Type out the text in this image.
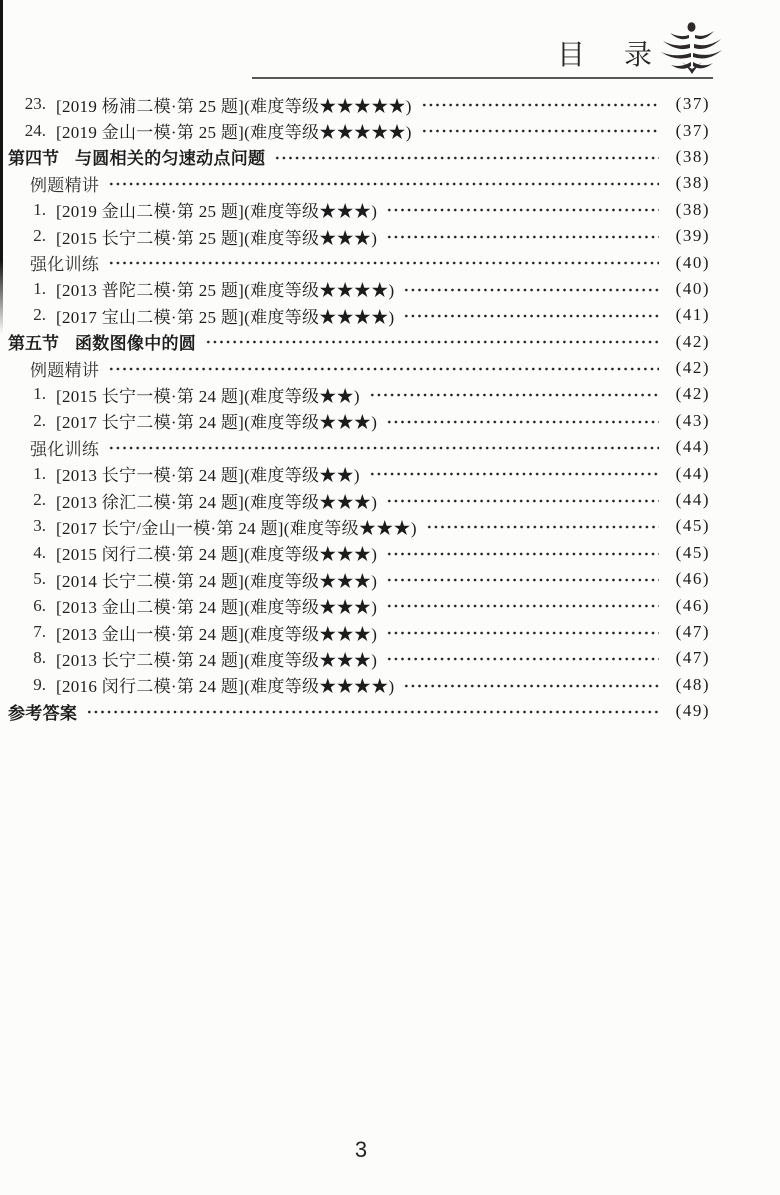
目 录
23. [2019 杨浦二模·第 25 题](难度等级★★★★★)	(37)
24. [2019 金山一模·第 25 题](难度等级★★★★★)	(37)
第四节 与圆相关的匀速动点问题	(38)
例题精讲	(38)
1. [2019 金山二模·第 25 题](难度等级★★★)	(38)
2. [2015 长宁二模·第 25 题](难度等级★★★)	(39)
强化训练	(40)
1. [2013 普陀二模·第 25 题](难度等级★★★★)	(40)
2. [2017 宝山二模·第 25 题](难度等级★★★★)	(41)
第五节 函数图像中的圆	(42)
例题精讲	(42)
1. [2015 长宁一模·第 24 题](难度等级★★)	(42)
2. [2017 长宁二模·第 24 题](难度等级★★★)	(43)
强化训练	(44)
1. [2013 长宁一模·第 24 题](难度等级★★)	(44)
2. [2013 徐汇二模·第 24 题](难度等级★★★)	(44)
3. [2017 长宁/金山一模·第 24 题](难度等级★★★)	(45)
4. [2015 闵行二模·第 24 题](难度等级★★★)	(45)
5. [2014 长宁二模·第 24 题](难度等级★★★)	(46)
6. [2013 金山二模·第 24 题](难度等级★★★)	(46)
7. [2013 金山一模·第 24 题](难度等级★★★)	(47)
8. [2013 长宁二模·第 24 题](难度等级★★★)	(47)
9. [2016 闵行二模·第 24 题](难度等级★★★★)	(48)
参考答案	(49)
3
